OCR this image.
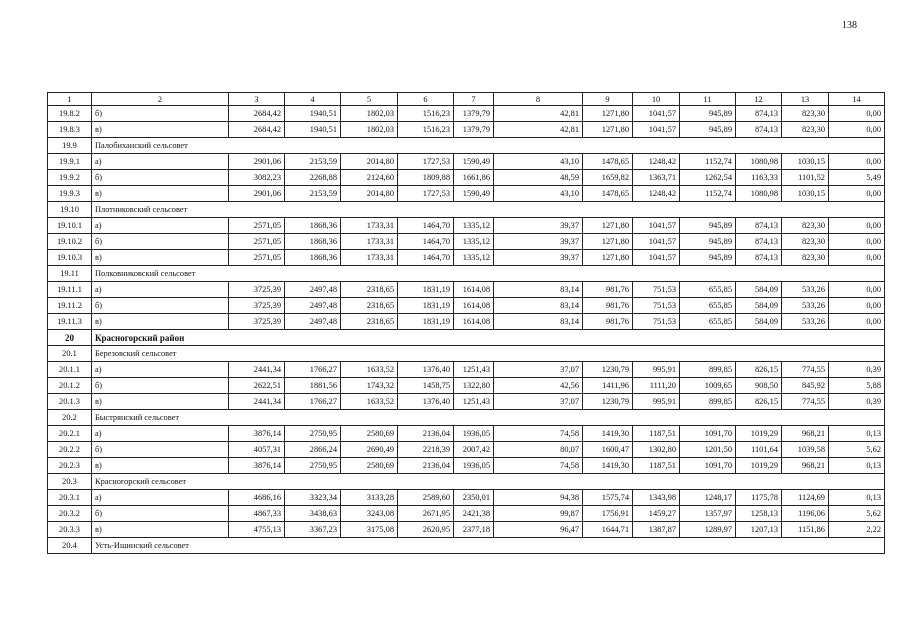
138
1	2	3	4	5	6	7	8	9	10	11	12	13	14
19.8.2	б)	2684,42	1940,51	1802,03	1516,23	1379,79	42,81	1271,80	1041,57	945,89	874,13	823,30	0,00
19.8.3	в)	2684,42	1940,51	1802,03	1516,23	1379,79	42,81	1271,80	1041,57	945,89	874,13	823,30	0,00
19.9	Палобиханский сельсовет												
19.9.1	а)	2901,06	2153,59	2014,80	1727,53	1590,49	43,10	1478,65	1248,42	1152,74	1080,98	1030,15	0,00
19.9.2	б)	3082,23	2268,88	2124,60	1809,88	1661,86	48,59	1659,82	1363,71	1262,54	1163,33	1101,52	5,49
19.9.3	в)	2901,06	2153,59	2014,80	1727,53	1590,49	43,10	1478,65	1248,42	1152,74	1080,98	1030,15	0,00
19.10	Плотниковский сельсовет												
19.10.1	а)	2571,05	1868,36	1733,31	1464,70	1335,12	39,37	1271,80	1041,57	945,89	874,13	823,30	0,00
19.10.2	б)	2571,05	1868,36	1733,31	1464,70	1335,12	39,37	1271,80	1041,57	945,89	874,13	823,30	0,00
19.10.3	в)	2571,05	1868,36	1733,31	1464,70	1335,12	39,37	1271,80	1041,57	945,89	874,13	823,30	0,00
19.11	Полковниковский сельсовет												
19.11.1	а)	3725,39	2497,48	2318,65	1831,19	1614,08	83,14	981,76	751,53	655,85	584,09	533,26	0,00
19.11.2	б)	3725,39	2497,48	2318,65	1831,19	1614,08	83,14	981,76	751,53	655,85	584,09	533,26	0,00
19.11.3	в)	3725,39	2497,48	2318,65	1831,19	1614,08	83,14	981,76	751,53	655,85	584,09	533,26	0,00
20	Красногорский район												
20.1	Березовский сельсовет												
20.1.1	а)	2441,34	1766,27	1633,52	1376,40	1251,43	37,07	1230,79	995,91	899,85	826,15	774,55	0,39
20.1.2	б)	2622,51	1881,56	1743,32	1458,75	1322,80	42,56	1411,96	1111,20	1009,65	908,50	845,92	5,88
20.1.3	в)	2441,34	1766,27	1633,52	1376,40	1251,43	37,07	1230,79	995,91	899,85	826,15	774,55	0,39
20.2	Быстрянский сельсовет												
20.2.1	а)	3876,14	2750,95	2580,69	2136,04	1936,05	74,58	1419,30	1187,51	1091,70	1019,29	968,21	0,13
20.2.2	б)	4057,31	2866,24	2690,49	2218,39	2007,42	80,07	1600,47	1302,80	1201,50	1101,64	1039,58	5,62
20.2.3	в)	3876,14	2750,95	2580,69	2136,04	1936,05	74,58	1419,30	1187,51	1091,70	1019,29	968,21	0,13
20.3	Красногорский сельсовет												
20.3.1	а)	4686,16	3323,34	3133,28	2589,60	2350,01	94,38	1575,74	1343,98	1248,17	1175,78	1124,69	0,13
20.3.2	б)	4867,33	3438,63	3243,08	2671,95	2421,38	99,87	1756,91	1459,27	1357,97	1258,13	1196,06	5,62
20.3.3	в)	4755,13	3367,23	3175,08	2620,95	2377,18	96,47	1644,71	1387,87	1289,97	1207,13	1151,86	2,22
20.4	Усть-Ишинский сельсовет												
